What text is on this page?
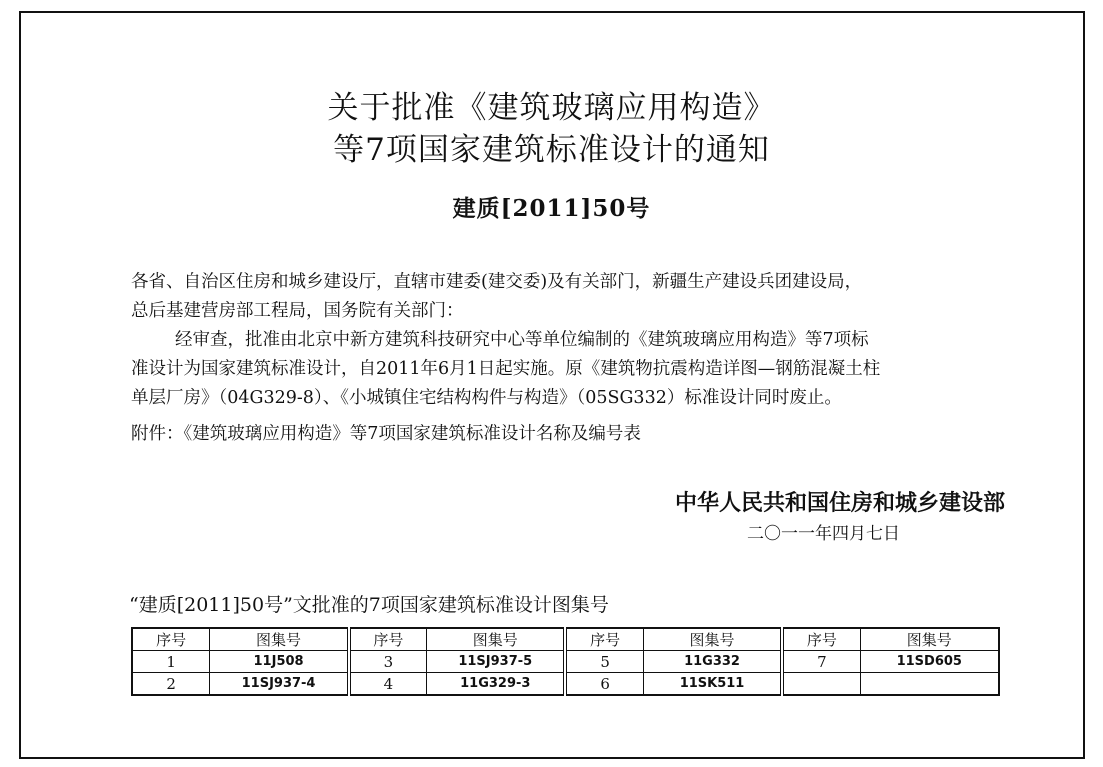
关于批准《建筑玻璃应用构造》
等7项国家建筑标准设计的通知
建质[2011]50号
各省、自治区住房和城乡建设厅，直辖市建委(建交委)及有关部门，新疆生产建设兵团建设局，
总后基建营房部工程局，国务院有关部门：
经审查，批准由北京中新方建筑科技研究中心等单位编制的《建筑玻璃应用构造》等7项标
准设计为国家建筑标准设计，自2011年6月1日起实施。原《建筑物抗震构造详图—钢筋混凝土柱
单层厂房》（04G329-8）、《小城镇住宅结构构件与构造》（05SG332）标准设计同时废止。
附件：《建筑玻璃应用构造》等7项国家建筑标准设计名称及编号表
中华人民共和国住房和城乡建设部
二〇一一年四月七日
“建质[2011]50号”文批准的7项国家建筑标准设计图集号
序号	图集号	序号	图集号	序号	图集号	序号	图集号
1	11J508	3	11SJ937-5	5	11G332	7	11SD605
2	11SJ937-4	4	11G329-3	6	11SK511		
